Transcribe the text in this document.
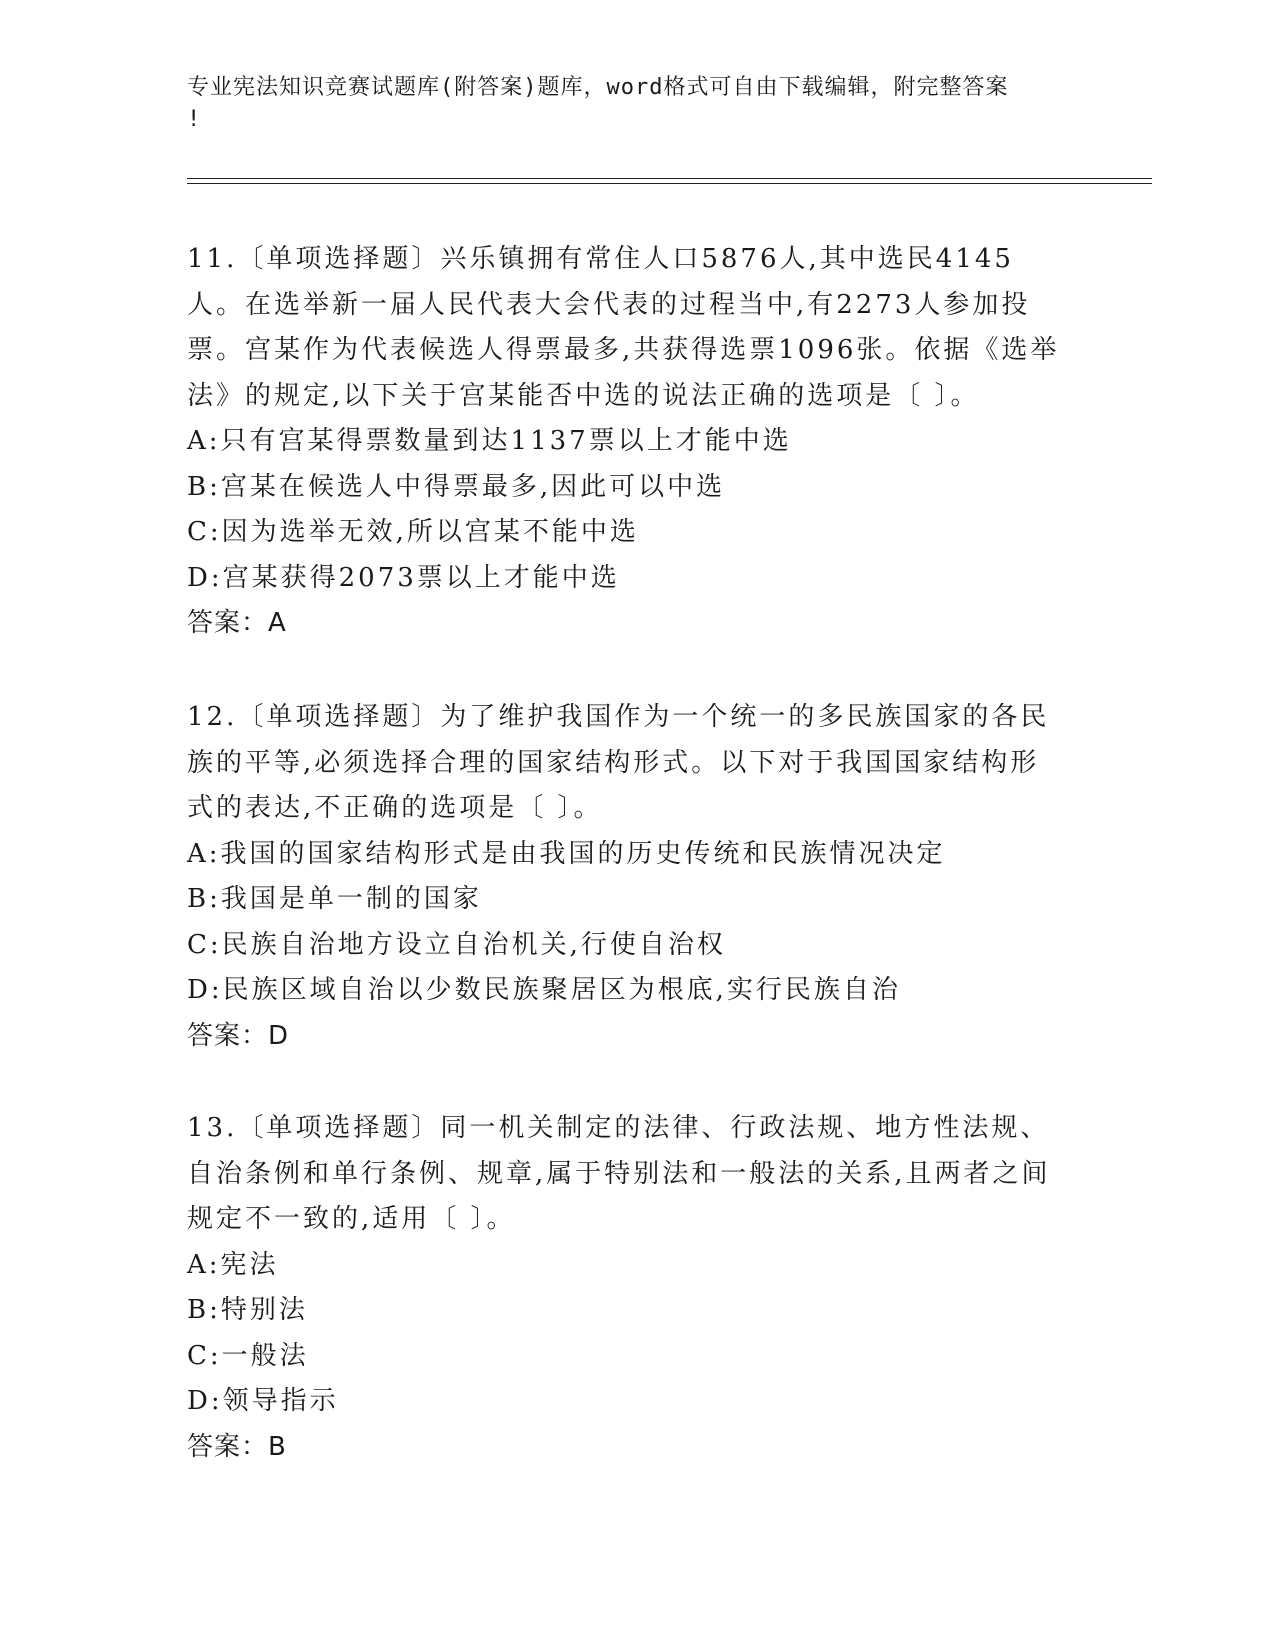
专业宪法知识竞赛试题库(附答案)题库，word格式可自由下载编辑，附完整答案
!

11.〔单项选择题〕兴乐镇拥有常住人口5876人,其中选民4145人。在选举新一届人民代表大会代表的过程当中,有2273人参加投票。宫某作为代表候选人得票最多,共获得选票1096张。依据《选举法》的规定,以下关于宫某能否中选的说法正确的选项是〔 〕。

A:只有宫某得票数量到达1137票以上才能中选

B:宫某在候选人中得票最多,因此可以中选

C:因为选举无效,所以宫某不能中选

D:宫某获得2073票以上才能中选

答案：A

12.〔单项选择题〕为了维护我国作为一个统一的多民族国家的各民族的平等,必须选择合理的国家结构形式。以下对于我国国家结构形式的表达,不正确的选项是〔 〕。

A:我国的国家结构形式是由我国的历史传统和民族情况决定

B:我国是单一制的国家

C:民族自治地方设立自治机关,行使自治权

D:民族区域自治以少数民族聚居区为根底,实行民族自治

答案：D

13.〔单项选择题〕同一机关制定的法律、行政法规、地方性法规、自治条例和单行条例、规章,属于特别法和一般法的关系,且两者之间规定不一致的,适用〔 〕。

A:宪法

B:特别法

C:一般法

D:领导指示

答案：B
